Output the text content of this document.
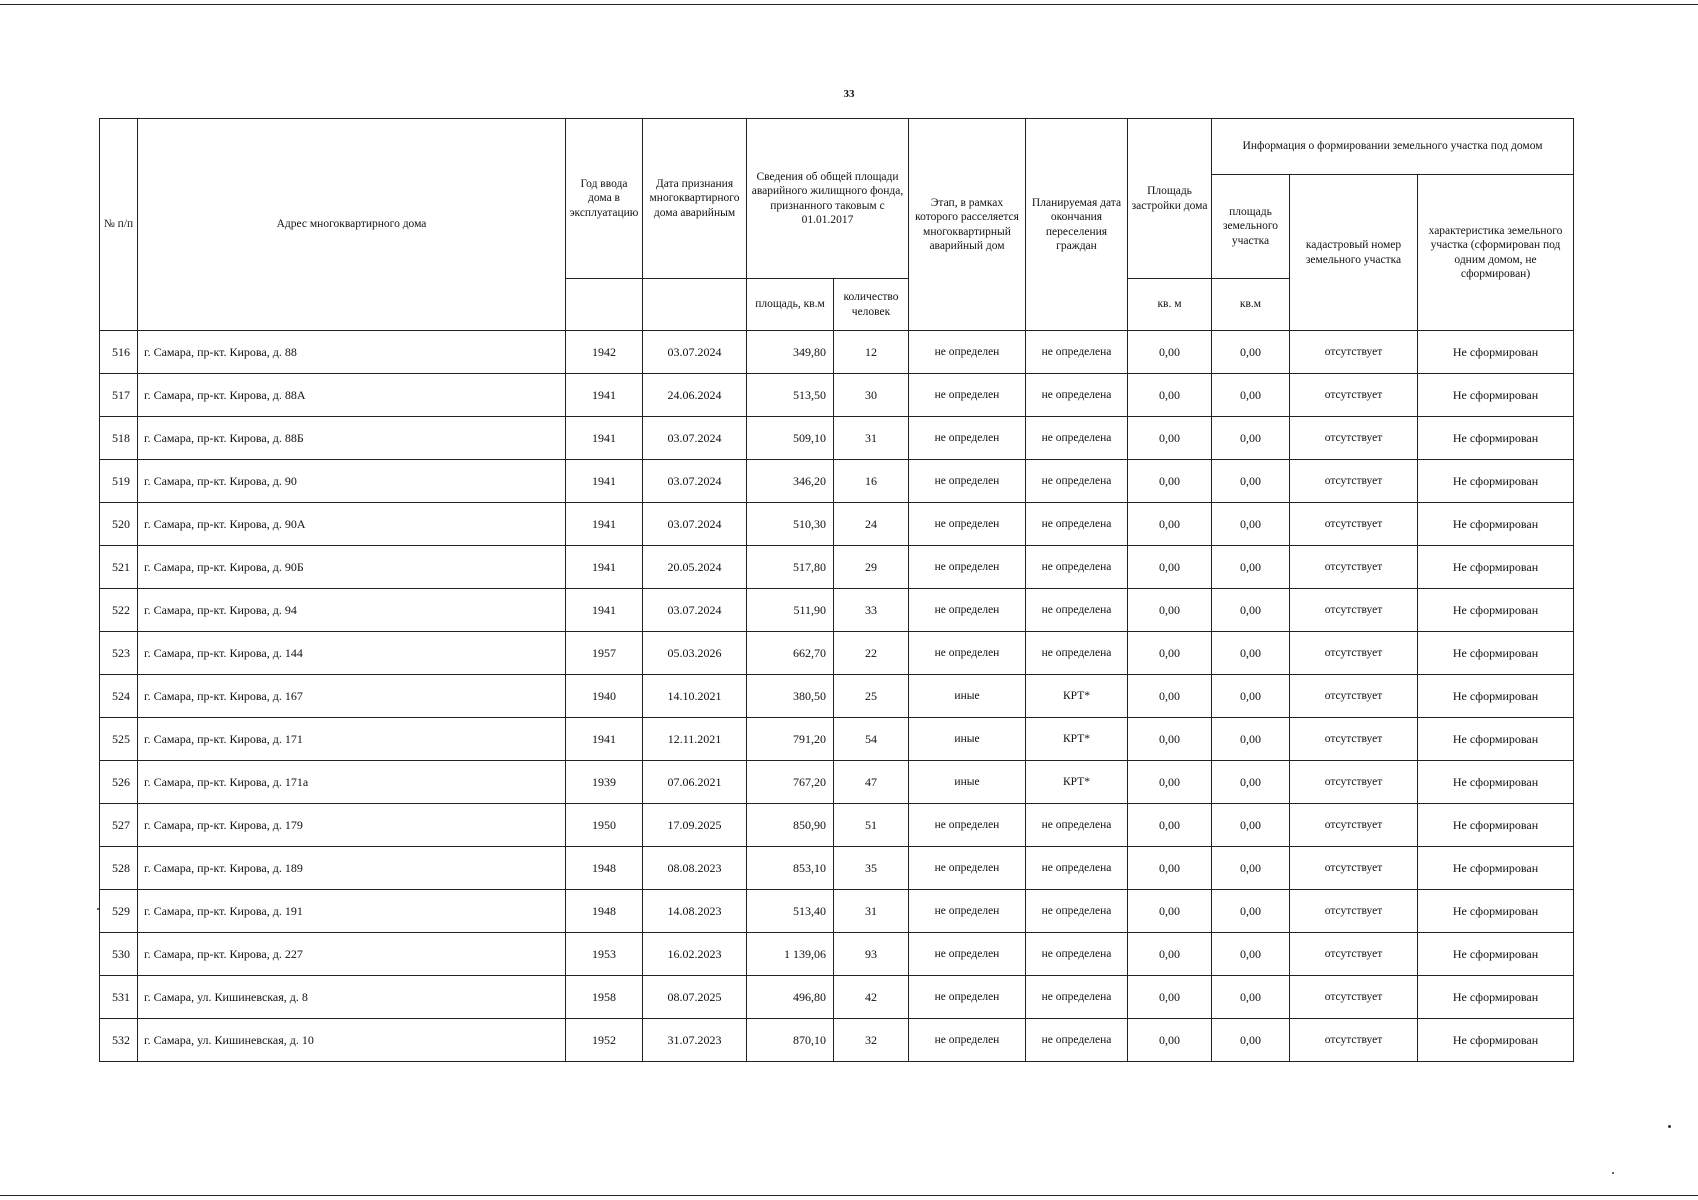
33
№ п/п	Адрес многоквартирного дома	Год ввода дома в эксплуатацию	Дата признания многоквартирного дома аварийным	Сведения об общей площади аварийного жилищного фонда, признанного таковым с 01.01.2017		Этап, в рамках которого расселяется многоквартирный аварийный дом	Планируемая дата окончания переселения граждан	Площадь застройки дома	Информация о формировании земельного участка под домом		
									площадь земельного участка	кадастровый номер земельного участка	характеристика земельного участка (сформирован под одним домом, не сформирован)
				площадь, кв.м	количество человек			кв. м	кв.м		
516	г. Самара, пр-кт. Кирова, д. 88	1942	03.07.2024	349,80	12	не определен	не определена	0,00	0,00	отсутствует	Не сформирован
517	г. Самара, пр-кт. Кирова, д. 88А	1941	24.06.2024	513,50	30	не определен	не определена	0,00	0,00	отсутствует	Не сформирован
518	г. Самара, пр-кт. Кирова, д. 88Б	1941	03.07.2024	509,10	31	не определен	не определена	0,00	0,00	отсутствует	Не сформирован
519	г. Самара, пр-кт. Кирова, д. 90	1941	03.07.2024	346,20	16	не определен	не определена	0,00	0,00	отсутствует	Не сформирован
520	г. Самара, пр-кт. Кирова, д. 90А	1941	03.07.2024	510,30	24	не определен	не определена	0,00	0,00	отсутствует	Не сформирован
521	г. Самара, пр-кт. Кирова, д. 90Б	1941	20.05.2024	517,80	29	не определен	не определена	0,00	0,00	отсутствует	Не сформирован
522	г. Самара, пр-кт. Кирова, д. 94	1941	03.07.2024	511,90	33	не определен	не определена	0,00	0,00	отсутствует	Не сформирован
523	г. Самара, пр-кт. Кирова, д. 144	1957	05.03.2026	662,70	22	не определен	не определена	0,00	0,00	отсутствует	Не сформирован
524	г. Самара, пр-кт. Кирова, д. 167	1940	14.10.2021	380,50	25	иные	КРТ*	0,00	0,00	отсутствует	Не сформирован
525	г. Самара, пр-кт. Кирова, д. 171	1941	12.11.2021	791,20	54	иные	КРТ*	0,00	0,00	отсутствует	Не сформирован
526	г. Самара, пр-кт. Кирова, д. 171а	1939	07.06.2021	767,20	47	иные	КРТ*	0,00	0,00	отсутствует	Не сформирован
527	г. Самара, пр-кт. Кирова, д. 179	1950	17.09.2025	850,90	51	не определен	не определена	0,00	0,00	отсутствует	Не сформирован
528	г. Самара, пр-кт. Кирова, д. 189	1948	08.08.2023	853,10	35	не определен	не определена	0,00	0,00	отсутствует	Не сформирован
529	г. Самара, пр-кт. Кирова, д. 191	1948	14.08.2023	513,40	31	не определен	не определена	0,00	0,00	отсутствует	Не сформирован
530	г. Самара, пр-кт. Кирова, д. 227	1953	16.02.2023	1 139,06	93	не определен	не определена	0,00	0,00	отсутствует	Не сформирован
531	г. Самара, ул. Кишиневская, д. 8	1958	08.07.2025	496,80	42	не определен	не определена	0,00	0,00	отсутствует	Не сформирован
532	г. Самара, ул. Кишиневская, д. 10	1952	31.07.2023	870,10	32	не определен	не определена	0,00	0,00	отсутствует	Не сформирован
